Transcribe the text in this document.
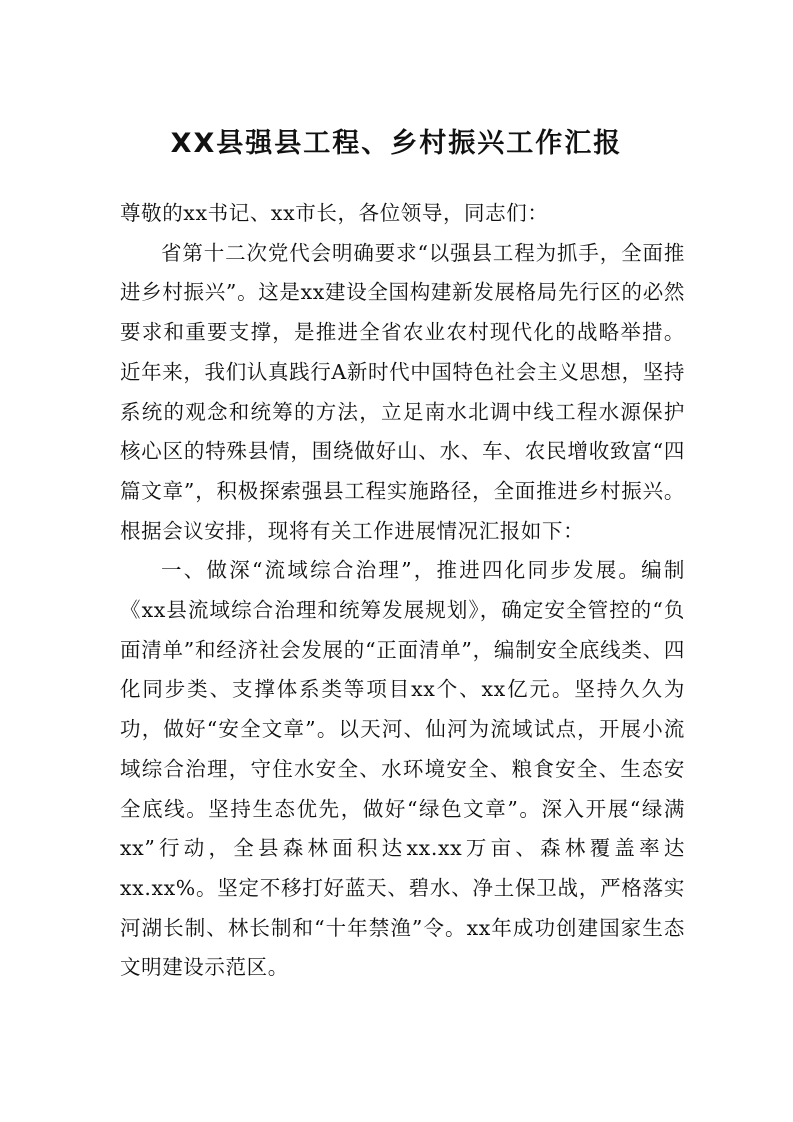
XX县强县工程、乡村振兴工作汇报

尊敬的xx书记、xx市长，各位领导，同志们：

省第十二次党代会明确要求“以强县工程为抓手，全面推进乡村振兴”。这是xx建设全国构建新发展格局先行区的必然要求和重要支撑，是推进全省农业农村现代化的战略举措。近年来，我们认真践行A新时代中国特色社会主义思想，坚持系统的观念和统筹的方法，立足南水北调中线工程水源保护核心区的特殊县情，围绕做好山、水、车、农民增收致富“四篇文章”，积极探索强县工程实施路径，全面推进乡村振兴。根据会议安排，现将有关工作进展情况汇报如下：

一、做深“流域综合治理”，推进四化同步发展。编制《xx县流域综合治理和统筹发展规划》，确定安全管控的“负面清单”和经济社会发展的“正面清单”，编制安全底线类、四化同步类、支撑体系类等项目xx个、xx亿元。坚持久久为功，做好“安全文章”。以天河、仙河为流域试点，开展小流域综合治理，守住水安全、水环境安全、粮食安全、生态安全底线。坚持生态优先，做好“绿色文章”。深入开展“绿满xx”行动，全县森林面积达xx.xx万亩、森林覆盖率达xx.xx%。坚定不移打好蓝天、碧水、净土保卫战，严格落实河湖长制、林长制和“十年禁渔”令。xx年成功创建国家生态文明建设示范区。
